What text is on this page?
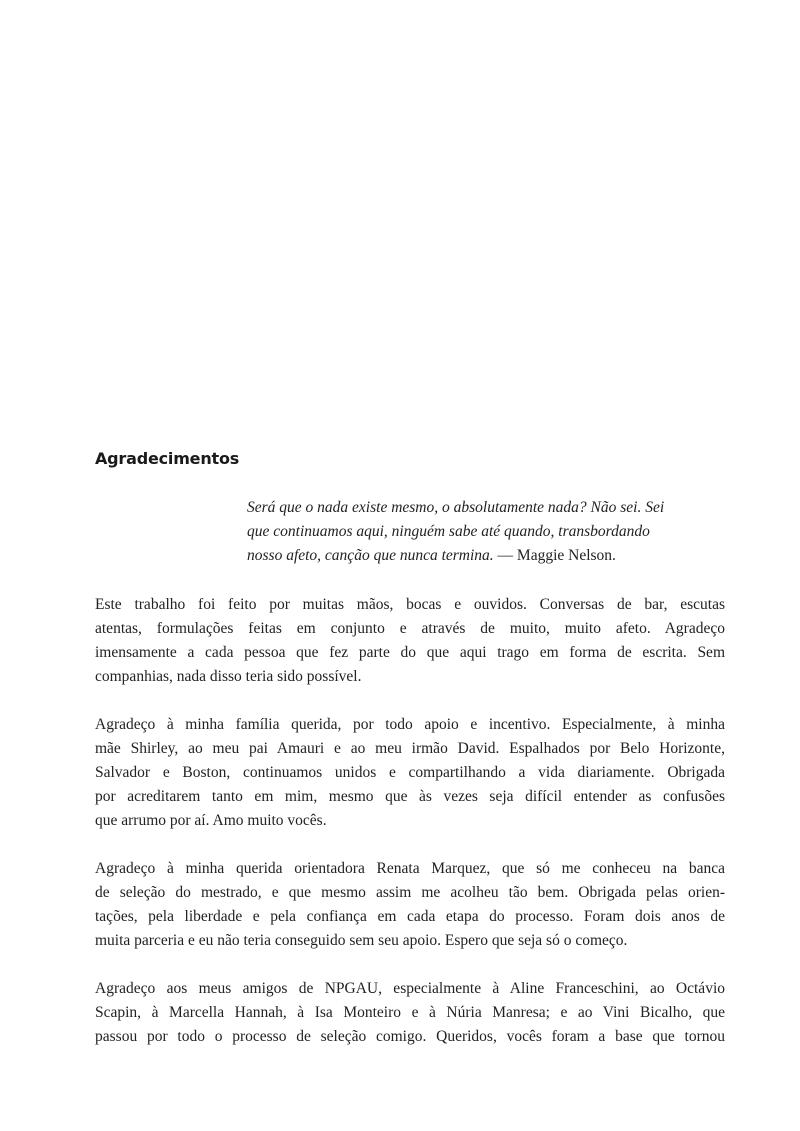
Agradecimentos
Será que o nada existe mesmo, o absolutamente nada? Não sei. Sei
que continuamos aqui, ninguém sabe até quando, transbordando
nosso afeto, canção que nunca termina. — Maggie Nelson.

Este trabalho foi feito por muitas mãos, bocas e ouvidos. Conversas de bar, escutas
atentas, formulações feitas em conjunto e através de muito, muito afeto. Agradeço
imensamente a cada pessoa que fez parte do que aqui trago em forma de escrita. Sem
companhias, nada disso teria sido possível.

Agradeço à minha família querida, por todo apoio e incentivo. Especialmente, à minha
mãe Shirley, ao meu pai Amauri e ao meu irmão David. Espalhados por Belo Horizonte,
Salvador e Boston, continuamos unidos e compartilhando a vida diariamente. Obrigada
por acreditarem tanto em mim, mesmo que às vezes seja difícil entender as confusões
que arrumo por aí. Amo muito vocês.

Agradeço à minha querida orientadora Renata Marquez, que só me conheceu na banca
de seleção do mestrado, e que mesmo assim me acolheu tão bem. Obrigada pelas orien-
tações, pela liberdade e pela confiança em cada etapa do processo. Foram dois anos de
muita parceria e eu não teria conseguido sem seu apoio. Espero que seja só o começo.

Agradeço aos meus amigos de NPGAU, especialmente à Aline Franceschini, ao Octávio
Scapin, à Marcella Hannah, à Isa Monteiro e à Núria Manresa; e ao Vini Bicalho, que
passou por todo o processo de seleção comigo. Queridos, vocês foram a base que tornou
